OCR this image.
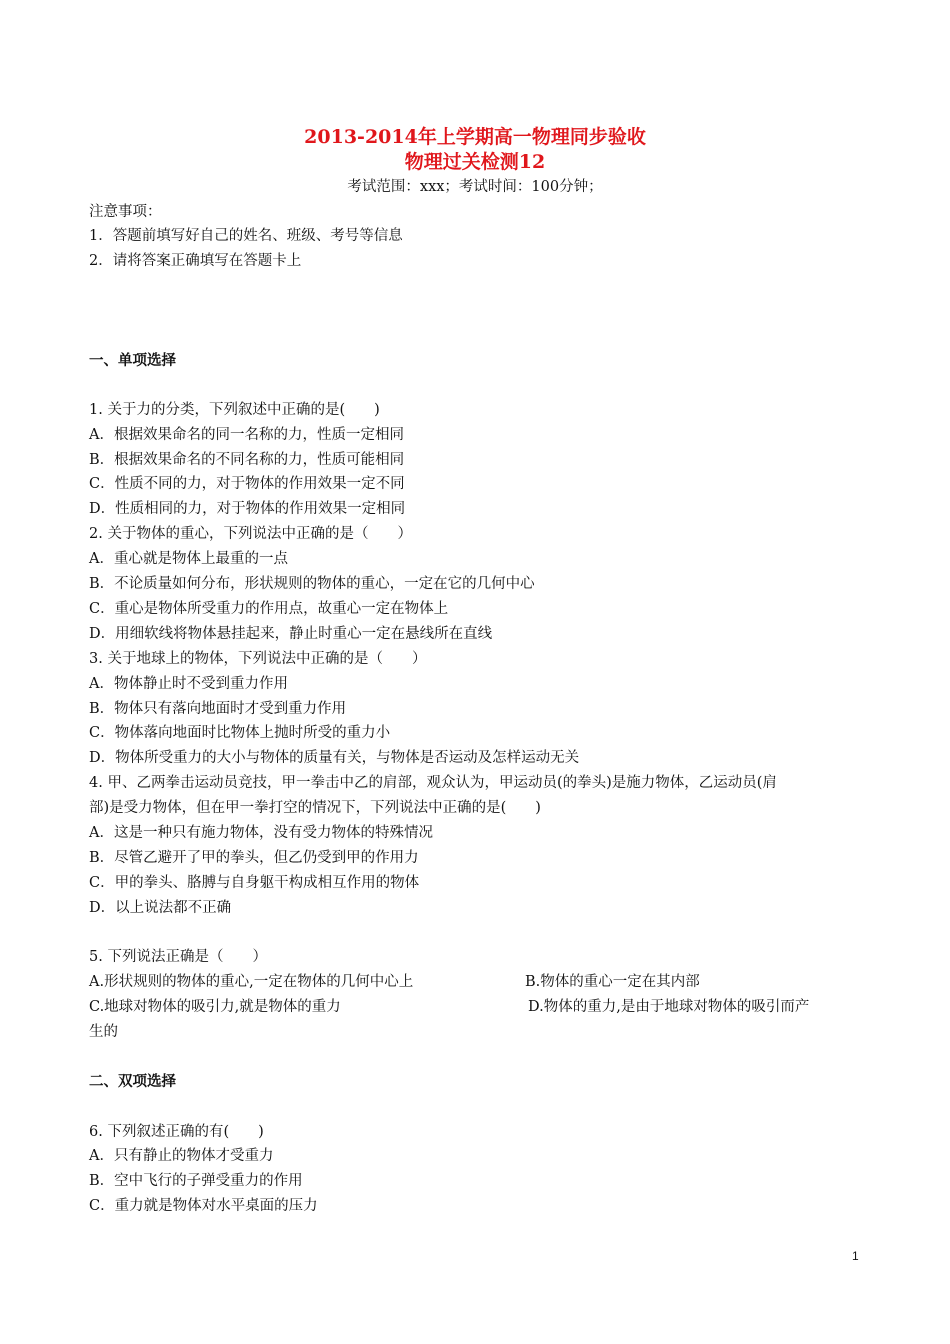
2013-2014年上学期高一物理同步验收
物理过关检测12
考试范围：xxx；考试时间：100分钟；
注意事项：
1．答题前填写好自己的姓名、班级、考号等信息
2．请将答案正确填写在答题卡上
一、单项选择
1. 关于力的分类，下列叙述中正确的是(　　)
A．根据效果命名的同一名称的力，性质一定相同
B．根据效果命名的不同名称的力，性质可能相同
C．性质不同的力，对于物体的作用效果一定不同
D．性质相同的力，对于物体的作用效果一定相同
2. 关于物体的重心，下列说法中正确的是（　　）
A．重心就是物体上最重的一点
B．不论质量如何分布，形状规则的物体的重心，一定在它的几何中心
C．重心是物体所受重力的作用点，故重心一定在物体上
D．用细软线将物体悬挂起来，静止时重心一定在悬线所在直线
3. 关于地球上的物体，下列说法中正确的是（　　）
A．物体静止时不受到重力作用
B．物体只有落向地面时才受到重力作用
C．物体落向地面时比物体上抛时所受的重力小
D．物体所受重力的大小与物体的质量有关，与物体是否运动及怎样运动无关
4. 甲、乙两拳击运动员竞技，甲一拳击中乙的肩部，观众认为，甲运动员(的拳头)是施力物体，乙运动员(肩
部)是受力物体，但在甲一拳打空的情况下，下列说法中正确的是(　　)
A．这是一种只有施力物体，没有受力物体的特殊情况
B．尽管乙避开了甲的拳头，但乙仍受到甲的作用力
C．甲的拳头、胳膊与自身躯干构成相互作用的物体
D．以上说法都不正确
5. 下列说法正确是（　　）
A.形状规则的物体的重心,一定在物体的几何中心上	B.物体的重心一定在其内部
C.地球对物体的吸引力,就是物体的重力	D.物体的重力,是由于地球对物体的吸引而产
生的
二、双项选择
6. 下列叙述正确的有(　　)
A．只有静止的物体才受重力
B．空中飞行的子弹受重力的作用
C．重力就是物体对水平桌面的压力
1
